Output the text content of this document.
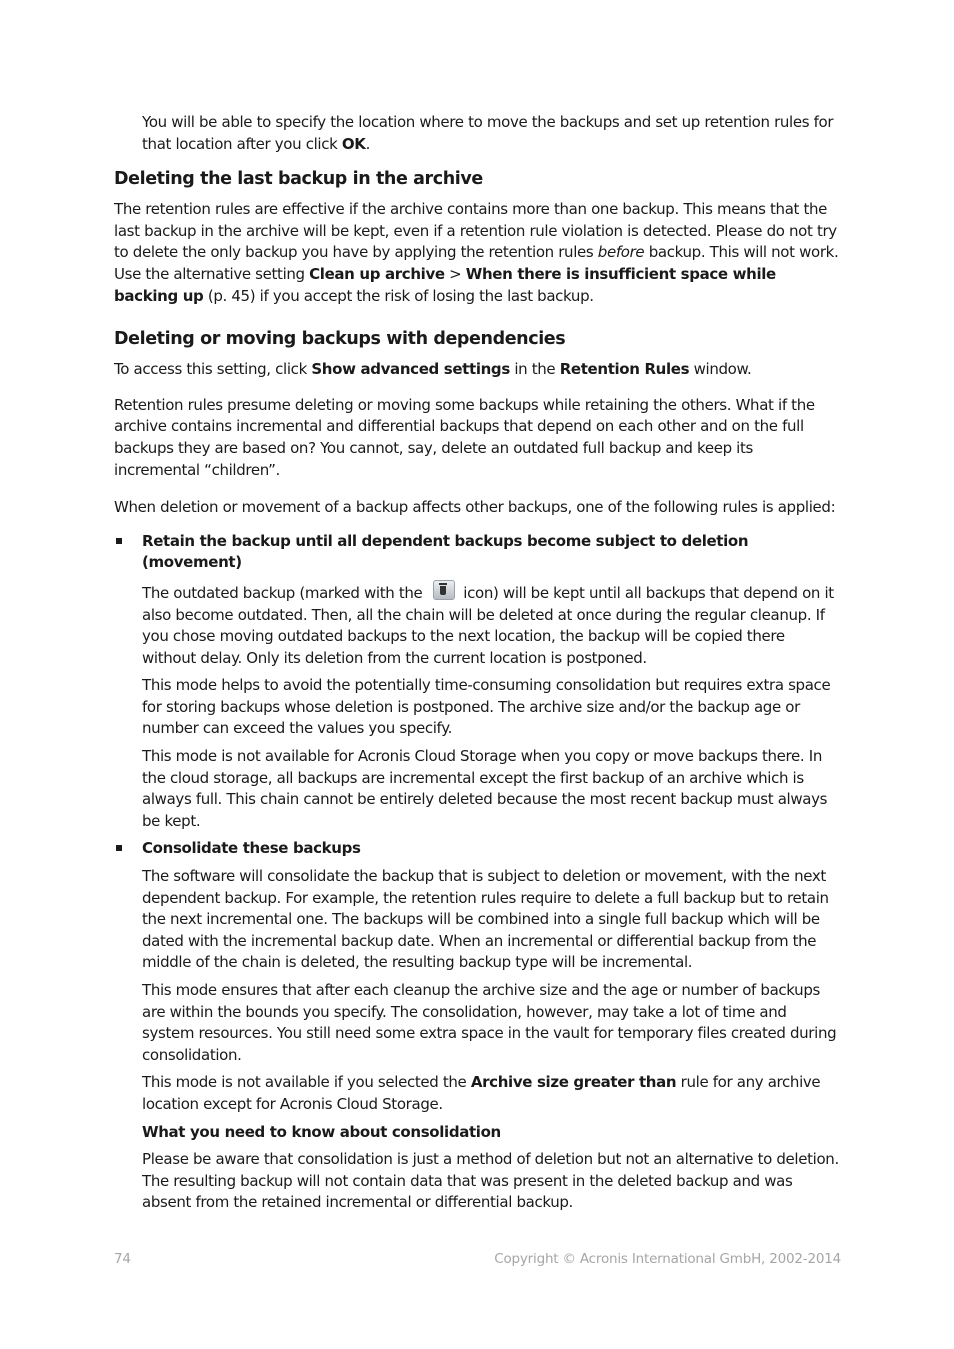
You will be able to specify the location where to move the backups and set up retention rules for that location after you click OK.

Deleting the last backup in the archive

The retention rules are effective if the archive contains more than one backup. This means that the last backup in the archive will be kept, even if a retention rule violation is detected. Please do not try to delete the only backup you have by applying the retention rules before backup. This will not work. Use the alternative setting Clean up archive > When there is insufficient space while backing up (p. 45) if you accept the risk of losing the last backup.

Deleting or moving backups with dependencies

To access this setting, click Show advanced settings in the Retention Rules window.

Retention rules presume deleting or moving some backups while retaining the others. What if the archive contains incremental and differential backups that depend on each other and on the full backups they are based on? You cannot, say, delete an outdated full backup and keep its incremental “children”.

When deletion or movement of a backup affects other backups, one of the following rules is applied:

Retain the backup until all dependent backups become subject to deletion (movement)

The outdated backup (marked with the  icon) will be kept until all backups that depend on it also become outdated. Then, all the chain will be deleted at once during the regular cleanup. If you chose moving outdated backups to the next location, the backup will be copied there without delay. Only its deletion from the current location is postponed.

This mode helps to avoid the potentially time-consuming consolidation but requires extra space for storing backups whose deletion is postponed. The archive size and/or the backup age or number can exceed the values you specify.

This mode is not available for Acronis Cloud Storage when you copy or move backups there. In the cloud storage, all backups are incremental except the first backup of an archive which is always full. This chain cannot be entirely deleted because the most recent backup must always be kept.

Consolidate these backups

The software will consolidate the backup that is subject to deletion or movement, with the next dependent backup. For example, the retention rules require to delete a full backup but to retain the next incremental one. The backups will be combined into a single full backup which will be dated with the incremental backup date. When an incremental or differential backup from the middle of the chain is deleted, the resulting backup type will be incremental.

This mode ensures that after each cleanup the archive size and the age or number of backups are within the bounds you specify. The consolidation, however, may take a lot of time and system resources. You still need some extra space in the vault for temporary files created during consolidation.

This mode is not available if you selected the Archive size greater than rule for any archive location except for Acronis Cloud Storage.

What you need to know about consolidation

Please be aware that consolidation is just a method of deletion but not an alternative to deletion. The resulting backup will not contain data that was present in the deleted backup and was absent from the retained incremental or differential backup.

74	Copyright © Acronis International GmbH, 2002-2014
